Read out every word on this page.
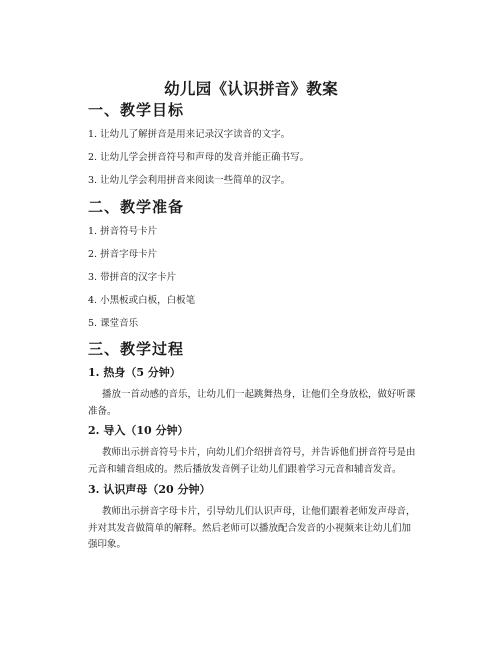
幼儿园《认识拼音》教案
一、教学目标

1. 让幼儿了解拼音是用来记录汉字读音的文字。

2. 让幼儿学会拼音符号和声母的发音并能正确书写。

3. 让幼儿学会利用拼音来阅读一些简单的汉字。

二、教学准备

1. 拼音符号卡片

2. 拼音字母卡片

3. 带拼音的汉字卡片

4. 小黑板或白板，白板笔

5. 课堂音乐

三、教学过程
1. 热身（5 分钟）

播放一首动感的音乐，让幼儿们一起跳舞热身，让他们全身放松，做好听课准备。

2. 导入（10 分钟）

教师出示拼音符号卡片，向幼儿们介绍拼音符号，并告诉他们拼音符号是由元音和辅音组成的。然后播放发音例子让幼儿们跟着学习元音和辅音发音。

3. 认识声母（20 分钟）

教师出示拼音字母卡片，引导幼儿们认识声母，让他们跟着老师发声母音，并对其发音做简单的解释。然后老师可以播放配合发音的小视频来让幼儿们加强印象。
